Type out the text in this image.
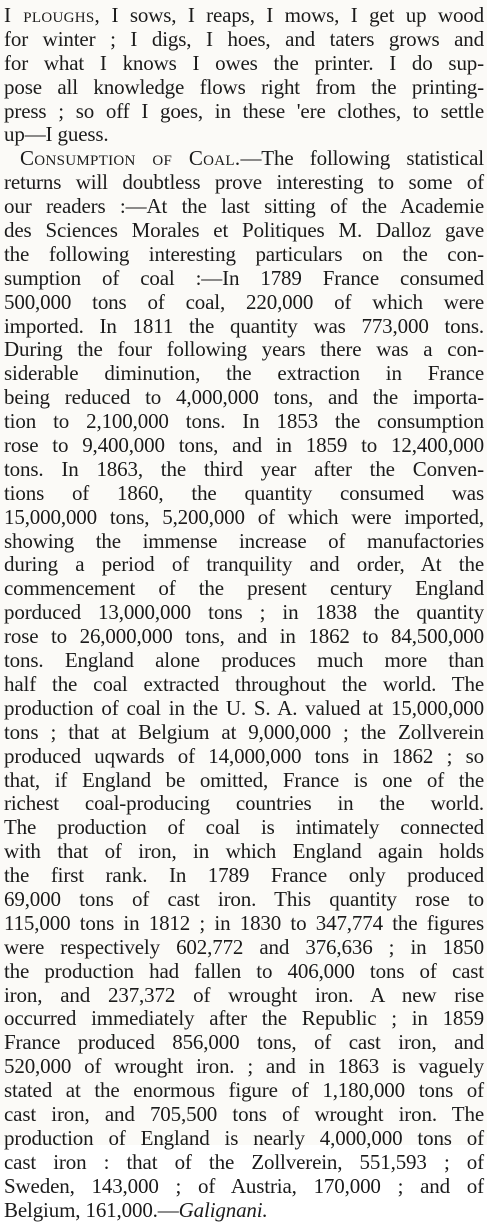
I ploughs, I sows, I reaps, I mows, I get up wood
for winter ; I digs, I hoes, and taters grows and
for what I knows I owes the printer. I do sup-
pose all knowledge flows right from the printing-
press ; so off I goes, in these 'ere clothes, to settle
up—I guess.
Consumption of Coal.—The following statistical
returns will doubtless prove interesting to some of
our readers :—At the last sitting of the Academie
des Sciences Morales et Politiques M. Dalloz gave
the following interesting particulars on the con-
sumption of coal :—In 1789 France consumed
500,000 tons of coal, 220,000 of which were
imported. In 1811 the quantity was 773,000 tons.
During the four following years there was a con-
siderable diminution, the extraction in France
being reduced to 4,000,000 tons, and the importa-
tion to 2,100,000 tons. In 1853 the consumption
rose to 9,400,000 tons, and in 1859 to 12,400,000
tons. In 1863, the third year after the Conven-
tions of 1860, the quantity consumed was
15,000,000 tons, 5,200,000 of which were imported,
showing the immense increase of manufactories
during a period of tranquility and order, At the
commencement of the present century England
porduced 13,000,000 tons ; in 1838 the quantity
rose to 26,000,000 tons, and in 1862 to 84,500,000
tons. England alone produces much more than
half the coal extracted throughout the world. The
production of coal in the U. S. A. valued at 15,000,000
tons ; that at Belgium at 9,000,000 ; the Zollverein
produced uqwards of 14,000,000 tons in 1862 ; so
that, if England be omitted, France is one of the
richest coal-producing countries in the world.
The production of coal is intimately connected
with that of iron, in which England again holds
the first rank. In 1789 France only produced
69,000 tons of cast iron. This quantity rose to
115,000 tons in 1812 ; in 1830 to 347,774 the figures
were respectively 602,772 and 376,636 ; in 1850
the production had fallen to 406,000 tons of cast
iron, and 237,372 of wrought iron. A new rise
occurred immediately after the Republic ; in 1859
France produced 856,000 tons, of cast iron, and
520,000 of wrought iron. ; and in 1863 is vaguely
stated at the enormous figure of 1,180,000 tons of
cast iron, and 705,500 tons of wrought iron. The
production of England is nearly 4,000,000 tons of
cast iron : that of the Zollverein, 551,593 ; of
Sweden, 143,000 ; of Austria, 170,000 ; and of
Belgium, 161,000.—Galignani.
